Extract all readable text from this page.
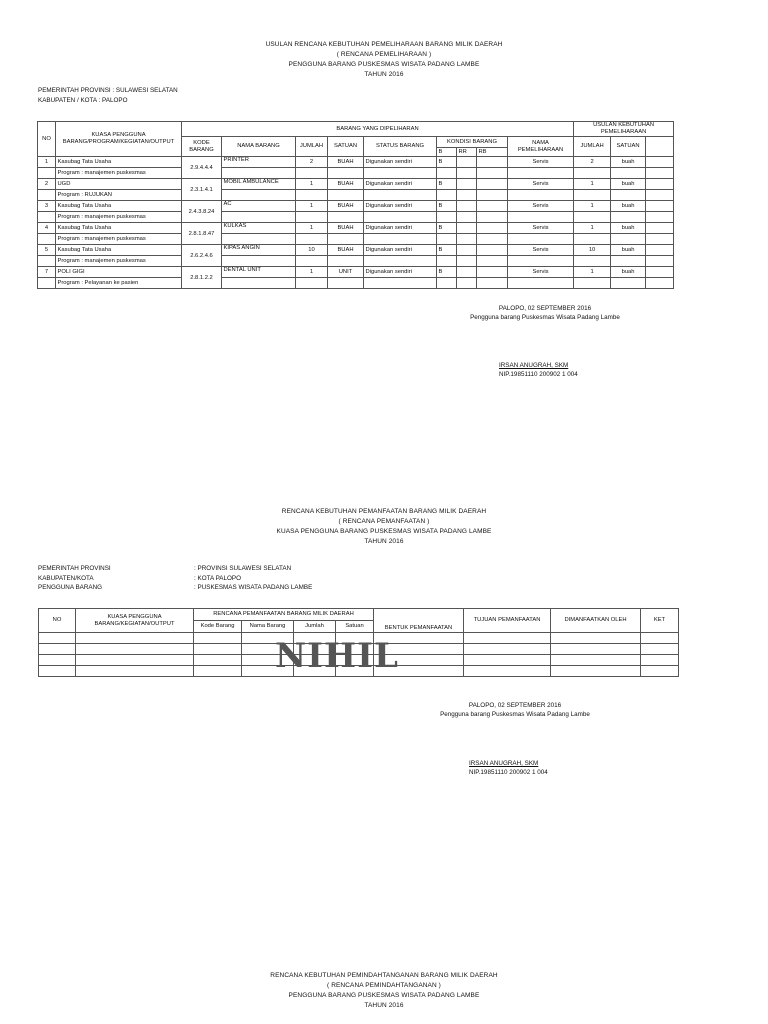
USULAN RENCANA KEBUTUHAN PEMELIHARAAN BARANG MILIK DAERAH
( RENCANA PEMELIHARAAN )
PENGGUNA BARANG PUSKESMAS WISATA PADANG LAMBE
TAHUN 2016
PEMERINTAH PROVINSI : SULAWESI SELATAN
KABUPATEN / KOTA : PALOPO
NO	KUASA PENGGUNA BARANG/PROGRAM/KEGIATAN/OUTPUT	BARANG YANG DIPELIHARAN									USULAN KEBUTUHAN PEMELIHARAAN	
		KODE BARANG	NAMA BARANG	JUMLAH	SATUAN	STATUS BARANG	KONDISI BARANG			NAMA PEMELIHARAAN	JUMLAH	SATUAN		
							B	RR	RB					
1	Kasubag Tata Usaha	2.9.4.4.4	PRINTER	2	BUAH	Digunakan sendiri	B			Servis	2	buah		
	Program : manajemen puskesmas													
2	UGD	2.3.1.4.1	MOBIL AMBULANCE	1	BUAH	Digunakan sendiri	B			Servis	1	buah		
	Program : RUJUKAN													
3	Kasubag Tata Usaha	2.4.3.8.24	AC	1	BUAH	Digunakan sendiri	B			Servis	1	buah		
	Program : manajemen puskesmas													
4	Kasubag Tata Usaha	2.8.1.8.47	KULKAS	1	BUAH	Digunakan sendiri	B			Servis	1	buah		
	Program : manajemen puskesmas													
5	Kasubag Tata Usaha	2.6.2.4.6	KIPAS ANGIN	10	BUAH	Digunakan sendiri	B			Servis	10	buah		
	Program : manajemen puskesmas													
7	POLI GIGI	2.8.1.2.2	DENTAL UNIT	1	UNIT	Digunakan sendiri	B			Servis	1	buah		
	Program : Pelayanan ke pasien													
PALOPO, 02 SEPTEMBER 2016
Pengguna barang Puskesmas Wisata Padang Lambe
IRSAN ANUGRAH, SKM
NIP.19851110 200902 1 004
RENCANA KEBUTUHAN PEMANFAATAN BARANG MILIK DAERAH
( RENCANA PEMANFAATAN )
KUASA PENGGUNA BARANG PUSKESMAS WISATA PADANG LAMBE
TAHUN 2016
PEMERINTAH PROVINSI	: PROVINSI SULAWESI SELATAN
KABUPATEN/KOTA	: KOTA PALOPO
PENGGUNA BARANG	: PUSKESMAS WISATA PADANG LAMBE
NO	KUASA PENGGUNA BARANG/KEGIATAN/OUTPUT	RENCANA PEMANFAATAN BARANG MILIK DAERAH				BENTUK PEMANFAATAN	TUJUAN PEMANFAATAN	DIMANFAATKAN OLEH	KET
		Kode Barang	Nama Barang	Jumlah	Satuan				

NIHIL
PALOPO, 02 SEPTEMBER 2016
Pengguna barang Puskesmas Wisata Padang Lambe
IRSAN ANUGRAH, SKM
NIP.19851110 200902 1 004
RENCANA KEBUTUHAN PEMINDAHTANGANAN BARANG MILIK DAERAH
( RENCANA PEMINDAHTANGANAN )
PENGGUNA BARANG PUSKESMAS WISATA PADANG LAMBE
TAHUN 2016
